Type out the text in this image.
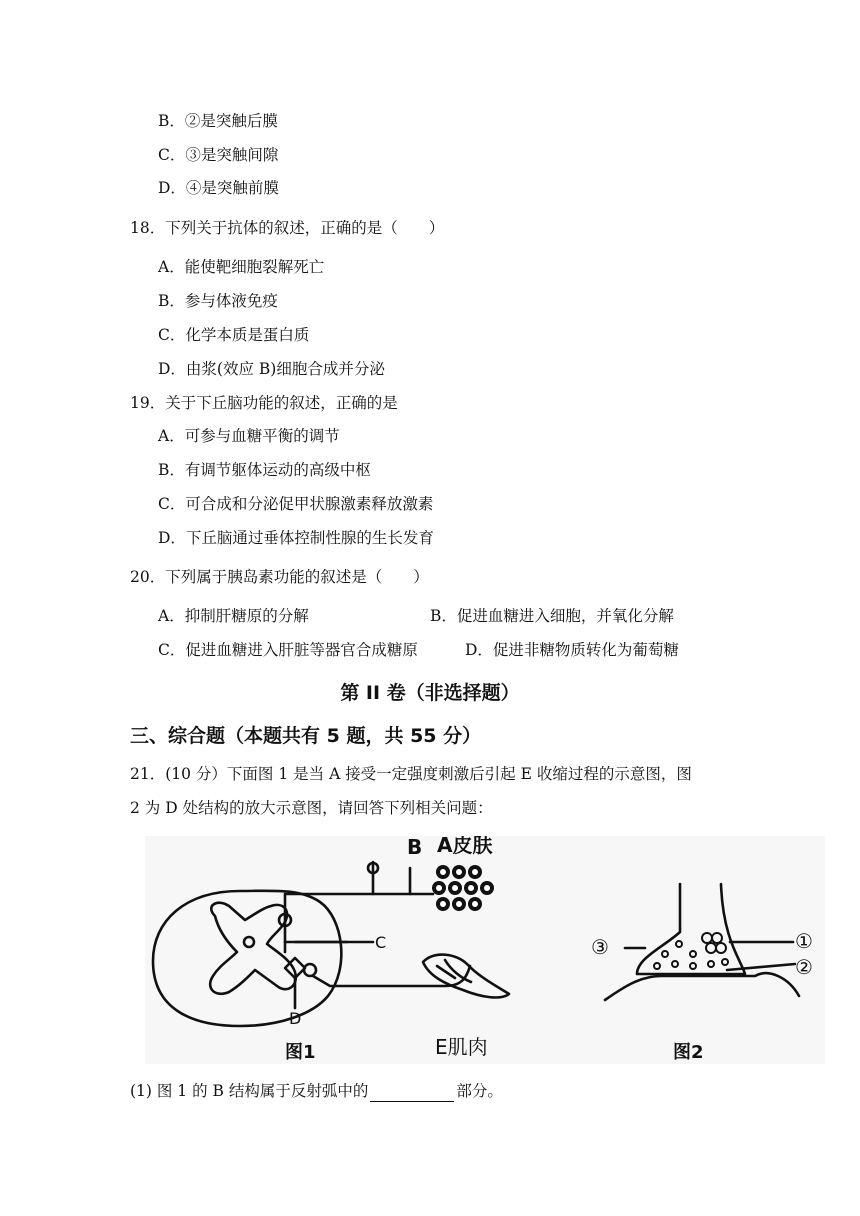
B．②是突触后膜
C．③是突触间隙
D．④是突触前膜
18．下列关于抗体的叙述，正确的是（　　）
A．能使靶细胞裂解死亡
B．参与体液免疫
C．化学本质是蛋白质
D．由浆(效应 B)细胞合成并分泌
19．关于下丘脑功能的叙述，正确的是
A．可参与血糖平衡的调节
B．有调节躯体运动的高级中枢
C．可合成和分泌促甲状腺激素释放激素
D．下丘脑通过垂体控制性腺的生长发育
20．下列属于胰岛素功能的叙述是（　　）
A．抑制肝糖原的分解	B．促进血糖进入细胞，并氧化分解
C．促进血糖进入肝脏等器官合成糖原	D．促进非糖物质转化为葡萄糖
第 II 卷（非选择题）
三、综合题（本题共有 5 题，共 55 分）
21．(10 分）下面图 1 是当 A 接受一定强度刺激后引起 E 收缩过程的示意图，图
2 为 D 处结构的放大示意图，请回答下列相关问题：
B A皮肤
C
D
E肌肉
图1	图2
①
②
③
(1) 图 1 的 B 结构属于反射弧中的	部分。
